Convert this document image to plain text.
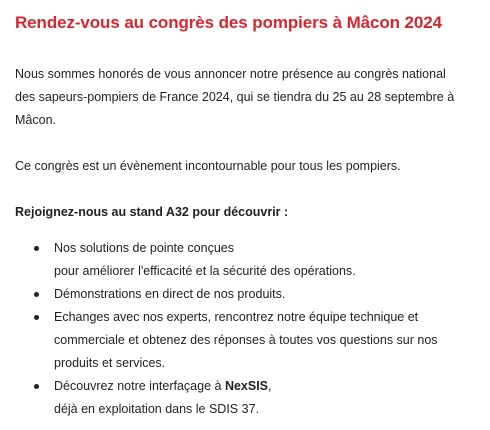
Rendez-vous au congrès des pompiers à Mâcon 2024

Nous sommes honorés de vous annoncer notre présence au congrès national
des sapeurs-pompiers de France 2024, qui se tiendra du 25 au 28 septembre à
Mâcon.

Ce congrès est un évènement incontournable pour tous les pompiers.

Rejoignez-nous au stand A32 pour découvrir :

Nos solutions de pointe conçues
pour améliorer l'efficacité et la sécurité des opérations.
Démonstrations en direct de nos produits.
Echanges avec nos experts, rencontrez notre équipe technique et
commerciale et obtenez des réponses à toutes vos questions sur nos
produits et services.
Découvrez notre interfaçage à NexSIS,
déjà en exploitation dans le SDIS 37.
